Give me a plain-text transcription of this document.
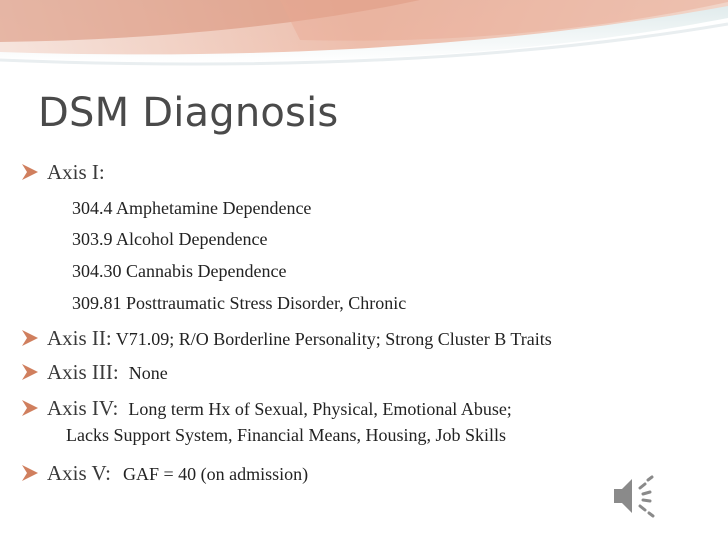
DSM Diagnosis
Axis I:
304.4 Amphetamine Dependence
303.9 Alcohol Dependence
304.30 Cannabis Dependence
309.81 Posttraumatic Stress Disorder, Chronic
Axis II: V71.09; R/O Borderline Personality; Strong Cluster B Traits
Axis III: None
Axis IV: Long term Hx of Sexual, Physical, Emotional Abuse;
Lacks Support System, Financial Means, Housing, Job Skills
Axis V: GAF = 40 (on admission)
